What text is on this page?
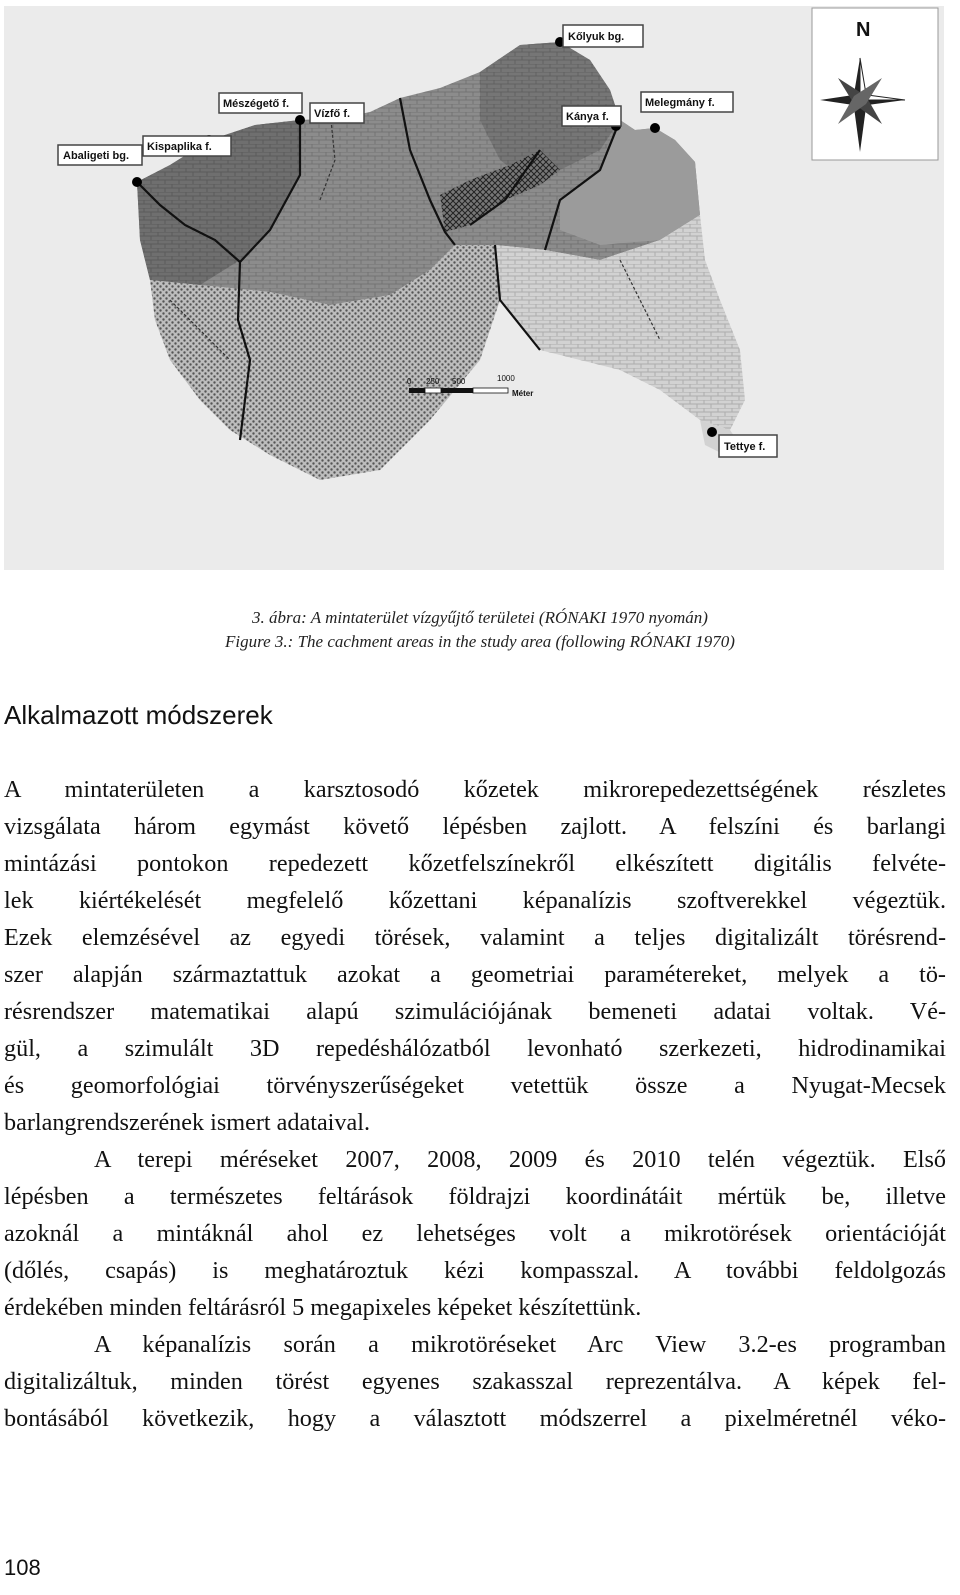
Abaligeti bg.
Kispaplika f.
Mészégető f.
Vízfő f.
Kőlyuk bg.
Kánya f.
Melegmány f.
Tettye f.
N
0 250 500	1000
Méter
3. ábra: A mintaterület vízgyűjtő területei (RÓNAKI 1970 nyomán)
Figure 3.: The cachment areas in the study area (following RÓNAKI 1970)
Alkalmazott módszerek
A mintaterületen a karsztosodó kőzetek mikrorepedezettségének részletes
vizsgálata három egymást követő lépésben zajlott. A felszíni és barlangi
mintázási pontokon repedezett kőzetfelszínekről elkészített digitális felvéte-
lek kiértékelését megfelelő kőzettani képanalízis szoftverekkel végeztük.
Ezek elemzésével az egyedi törések, valamint a teljes digitalizált törésrend-
szer alapján származtattuk azokat a geometriai paramétereket, melyek a tö-
résrendszer matematikai alapú szimulációjának bemeneti adatai voltak. Vé-
gül, a szimulált 3D repedéshálózatból levonható szerkezeti, hidrodinamikai
és geomorfológiai törvényszerűségeket vetettük össze a Nyugat-Mecsek
barlangrendszerének ismert adataival.
A terepi méréseket 2007, 2008, 2009 és 2010 telén végeztük. Első
lépésben a természetes feltárások földrajzi koordinátáit mértük be, illetve
azoknál a mintáknál ahol ez lehetséges volt a mikrotörések orientációját
(dőlés, csapás) is meghatároztuk kézi kompasszal. A további feldolgozás
érdekében minden feltárásról 5 megapixeles képeket készítettünk.
A képanalízis során a mikrotöréseket Arc View 3.2-es programban
digitalizáltuk, minden törést egyenes szakasszal reprezentálva. A képek fel-
bontásából következik, hogy a választott módszerrel a pixelméretnél véko-
108
